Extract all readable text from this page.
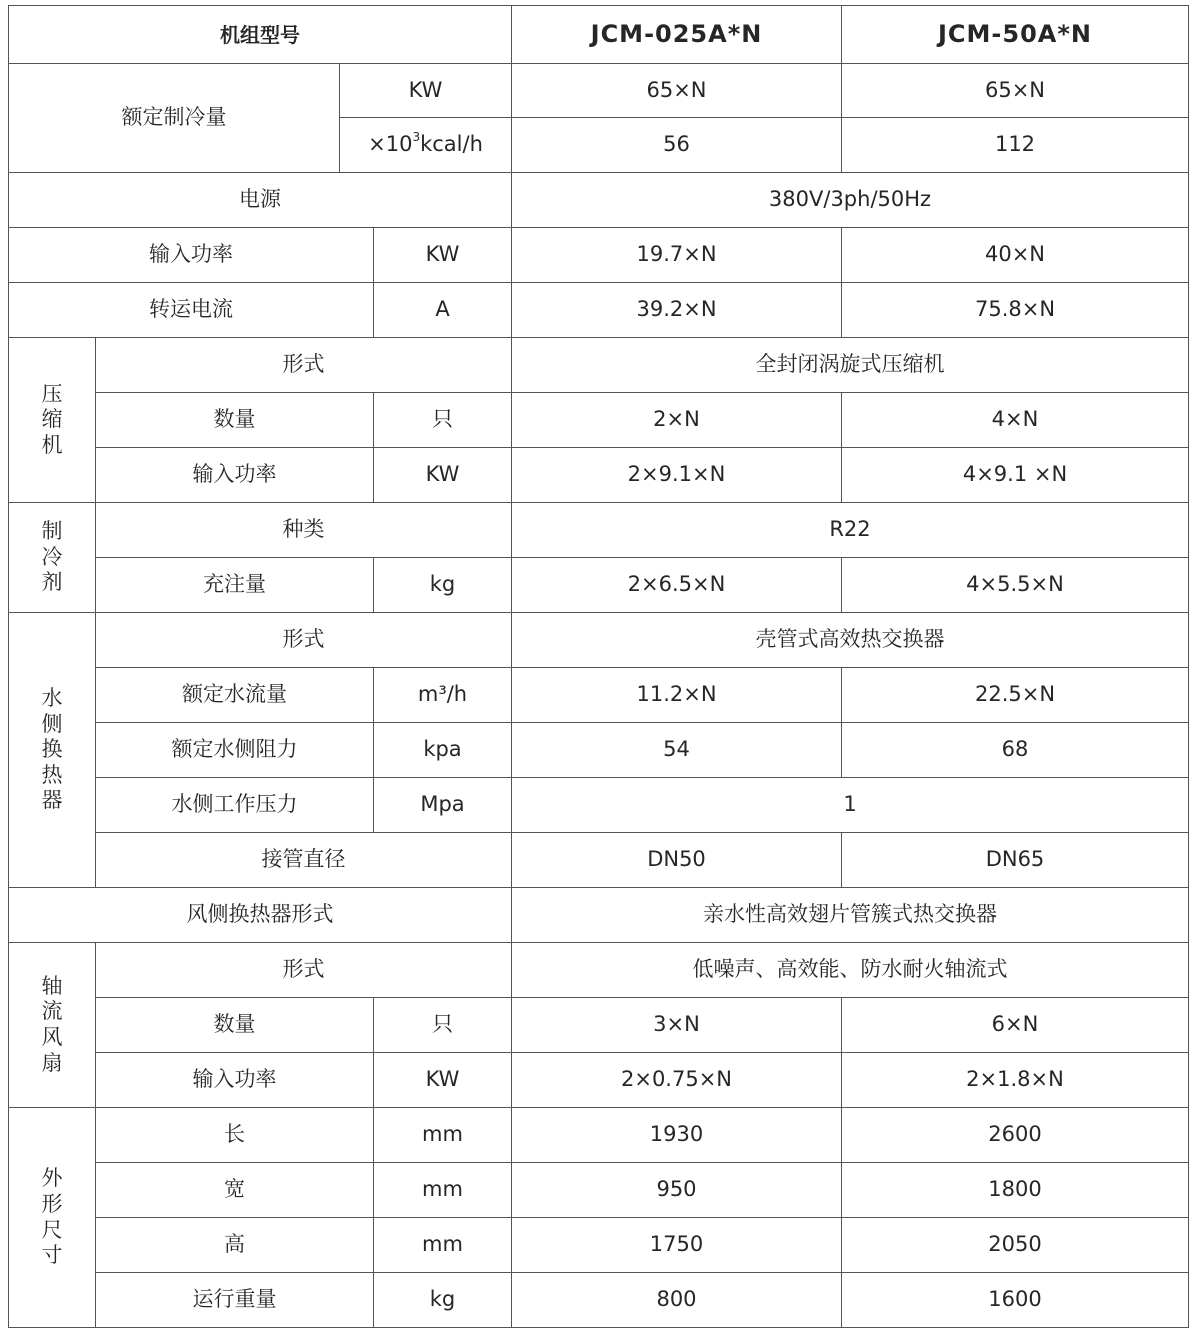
机组型号				JCM-025A*N	JCM-50A*N
额定制冷量		KW		65×N	65×N
		$\times 10^3kcal/h$		56	112
电源				380V/3ph/50Hz	
输入功率			KW	19.7×N	40×N
转运电流			A	39.2×N	75.8×N
压缩机	形式			全封闭涡旋式压缩机	
	数量		只	2×N	4×N
	输入功率		KW	2×9.1×N	4×9.1 ×N
制冷剂	种类			R22	
	充注量		kg	2×6.5×N	4×5.5×N
水侧换热器	形式			壳管式高效热交换器	
	额定水流量		m³/h	11.2×N	22.5×N
	额定水侧阻力		kpa	54	68
	水侧工作压力		Mpa	1	
	接管直径			DN50	DN65
风侧换热器形式				亲水性高效翅片管簇式热交换器	
轴流风扇	形式			低噪声、高效能、防水耐火轴流式	
	数量		只	3×N	6×N
	输入功率		KW	2×0.75×N	2×1.8×N
外形尺寸	长		mm	1930	2600
	宽		mm	950	1800
	高		mm	1750	2050
	运行重量		kg	800	1600
